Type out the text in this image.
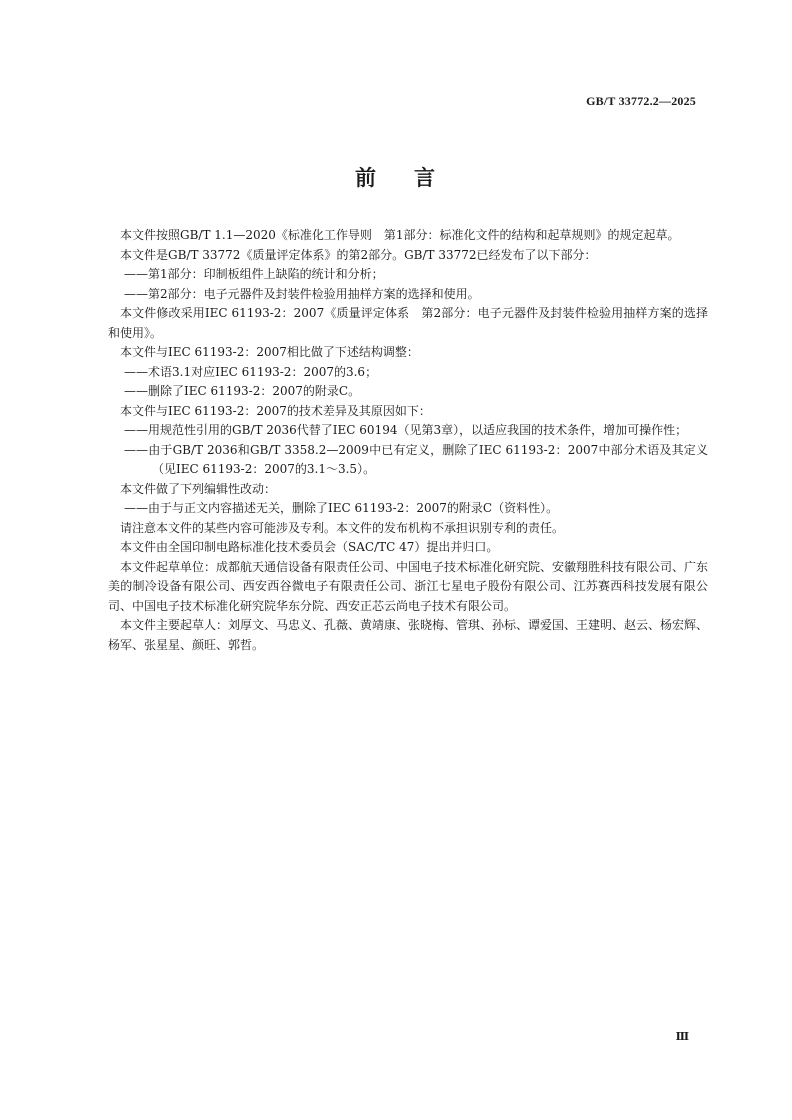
GB/T 33772.2—2025
前 言

本文件按照GB/T 1.1—2020《标准化工作导则　第1部分：标准化文件的结构和起草规则》的规定起草。

本文件是GB/T 33772《质量评定体系》的第2部分。GB/T 33772已经发布了以下部分：

——第1部分：印制板组件上缺陷的统计和分析；

——第2部分：电子元器件及封装件检验用抽样方案的选择和使用。

本文件修改采用IEC 61193-2：2007《质量评定体系　第2部分：电子元器件及封装件检验用抽样方案的选择和使用》。

本文件与IEC 61193-2：2007相比做了下述结构调整：

——术语3.1对应IEC 61193-2：2007的3.6；

——删除了IEC 61193-2：2007的附录C。

本文件与IEC 61193-2：2007的技术差异及其原因如下：

——用规范性引用的GB/T 2036代替了IEC 60194（见第3章），以适应我国的技术条件，增加可操作性；

——由于GB/T 2036和GB/T 3358.2—2009中已有定义，删除了IEC 61193-2：2007中部分术语及其定义（见IEC 61193-2：2007的3.1～3.5）。

本文件做了下列编辑性改动：

——由于与正文内容描述无关，删除了IEC 61193-2：2007的附录C（资料性）。

请注意本文件的某些内容可能涉及专利。本文件的发布机构不承担识别专利的责任。

本文件由全国印制电路标准化技术委员会（SAC/TC 47）提出并归口。

本文件起草单位：成都航天通信设备有限责任公司、中国电子技术标准化研究院、安徽翔胜科技有限公司、广东美的制冷设备有限公司、西安西谷微电子有限责任公司、浙江七星电子股份有限公司、江苏赛西科技发展有限公司、中国电子技术标准化研究院华东分院、西安正芯云尚电子技术有限公司。

本文件主要起草人：刘厚文、马忠义、孔薇、黄靖康、张晓梅、管琪、孙标、谭爱国、王建明、赵云、杨宏辉、杨军、张星星、颜旺、郭哲。

Ⅲ
